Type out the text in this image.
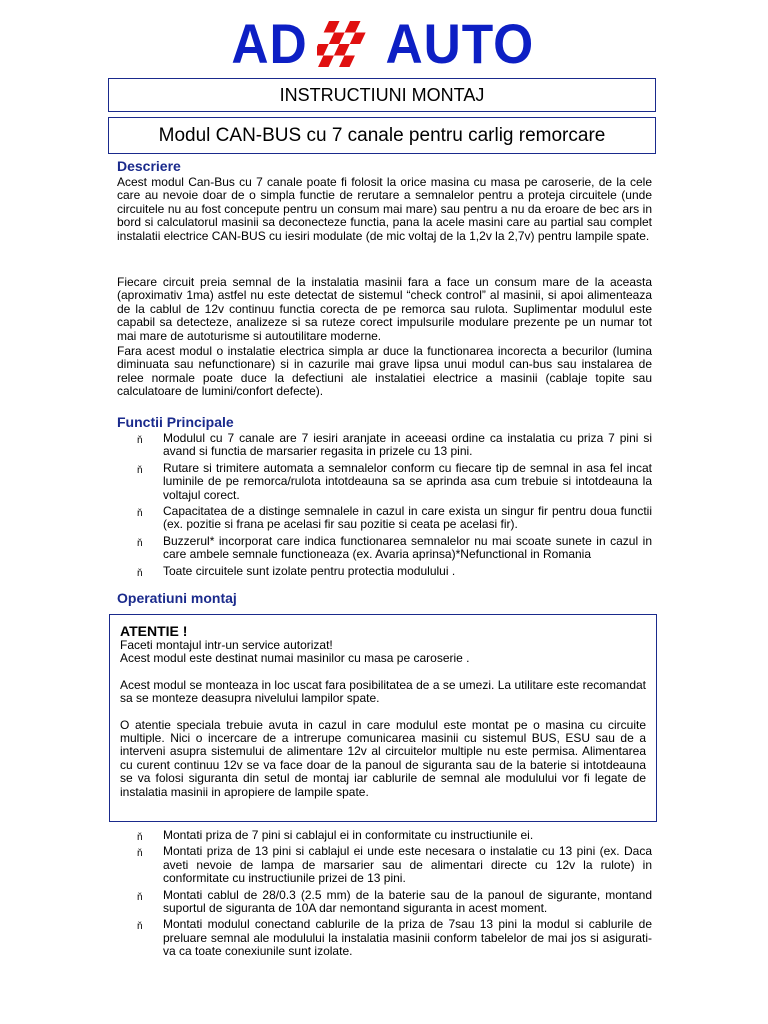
AD AUTO
INSTRUCTIUNI MONTAJ
Modul CAN-BUS cu 7 canale pentru carlig remorcare
Descriere

Acest modul Can-Bus cu 7 canale poate fi folosit la orice masina cu masa pe caroserie, de la cele care au nevoie doar de o simpla functie de rerutare a semnalelor pentru a proteja circuitele (unde circuitele nu au fost concepute pentru un consum mai mare) sau pentru a nu da eroare de bec ars in bord si calculatorul masinii sa deconecteze functia, pana la acele masini care au partial sau complet instalatii electrice CAN-BUS cu iesiri modulate (de mic voltaj de la 1,2v la 2,7v) pentru lampile spate.

Fiecare circuit preia semnal de la instalatia masinii fara a face un consum mare de la aceasta (aproximativ 1ma) astfel nu este detectat de sistemul “check control” al masinii, si apoi alimenteaza de la cablul de 12v continuu functia corecta de pe remorca sau rulota. Suplimentar modulul este capabil sa detecteze, analizeze si sa ruteze corect impulsurile modulare prezente pe un numar tot mai mare de autoturisme si autoutilitare moderne.

Fara acest modul o instalatie electrica simpla ar duce la functionarea incorecta a becurilor (lumina diminuata sau nefunctionare) si in cazurile mai grave lipsa unui modul can-bus sau instalarea de relee normale poate duce la defectiuni ale instalatiei electrice a masinii (cablaje topite sau calculatoare de lumini/confort defecte).

Functii Principale
ň Modulul cu 7 canale are 7 iesiri aranjate in aceeasi ordine ca instalatia cu priza 7 pini si avand si functia de marsarier regasita in prizele cu 13 pini.
ň Rutare si trimitere automata a semnalelor conform cu fiecare tip de semnal in asa fel incat luminile de pe remorca/rulota intotdeauna sa se aprinda asa cum trebuie si intotdeauna la voltajul corect.
ň Capacitatea de a distinge semnalele in cazul in care exista un singur fir pentru doua functii (ex. pozitie si frana pe acelasi fir sau pozitie si ceata pe acelasi fir).
ň Buzzerul* incorporat care indica functionarea semnalelor nu mai scoate sunete in cazul in care ambele semnale functioneaza (ex. Avaria aprinsa)*Nefunctional in Romania
ň Toate circuitele sunt izolate pentru protectia modulului .
Operatiuni montaj
ATENTIE !

Faceti montajul intr-un service autorizat!

Acest modul este destinat numai masinilor cu masa pe caroserie .

Acest modul se monteaza in loc uscat fara posibilitatea de a se umezi. La utilitare este recomandat sa se monteze deasupra nivelului lampilor spate.

O atentie speciala trebuie avuta in cazul in care modulul este montat pe o masina cu circuite multiple. Nici o incercare de a intrerupe comunicarea masinii cu sistemul BUS, ESU sau de a interveni asupra sistemului de alimentare 12v al circuitelor multiple nu este permisa. Alimentarea cu curent continuu 12v se va face doar de la panoul de siguranta sau de la baterie si intotdeauna se va folosi siguranta din setul de montaj iar cablurile de semnal ale modulului vor fi legate de instalatia masinii in apropiere de lampile spate.

ň Montati priza de 7 pini si cablajul ei in conformitate cu instructiunile ei.
ň Montati priza de 13 pini si cablajul ei unde este necesara o instalatie cu 13 pini (ex. Daca aveti nevoie de lampa de marsarier sau de alimentari directe cu 12v la rulote) in conformitate cu instructiunile prizei de 13 pini.
ň Montati cablul de 28/0.3 (2.5 mm) de la baterie sau de la panoul de sigurante, montand suportul de siguranta de 10A dar nemontand siguranta in acest moment.
ň Montati modulul conectand cablurile de la priza de 7sau 13 pini la modul si cablurile de preluare semnal ale modulului la instalatia masinii conform tabelelor de mai jos si asigurati-va ca toate conexiunile sunt izolate.
